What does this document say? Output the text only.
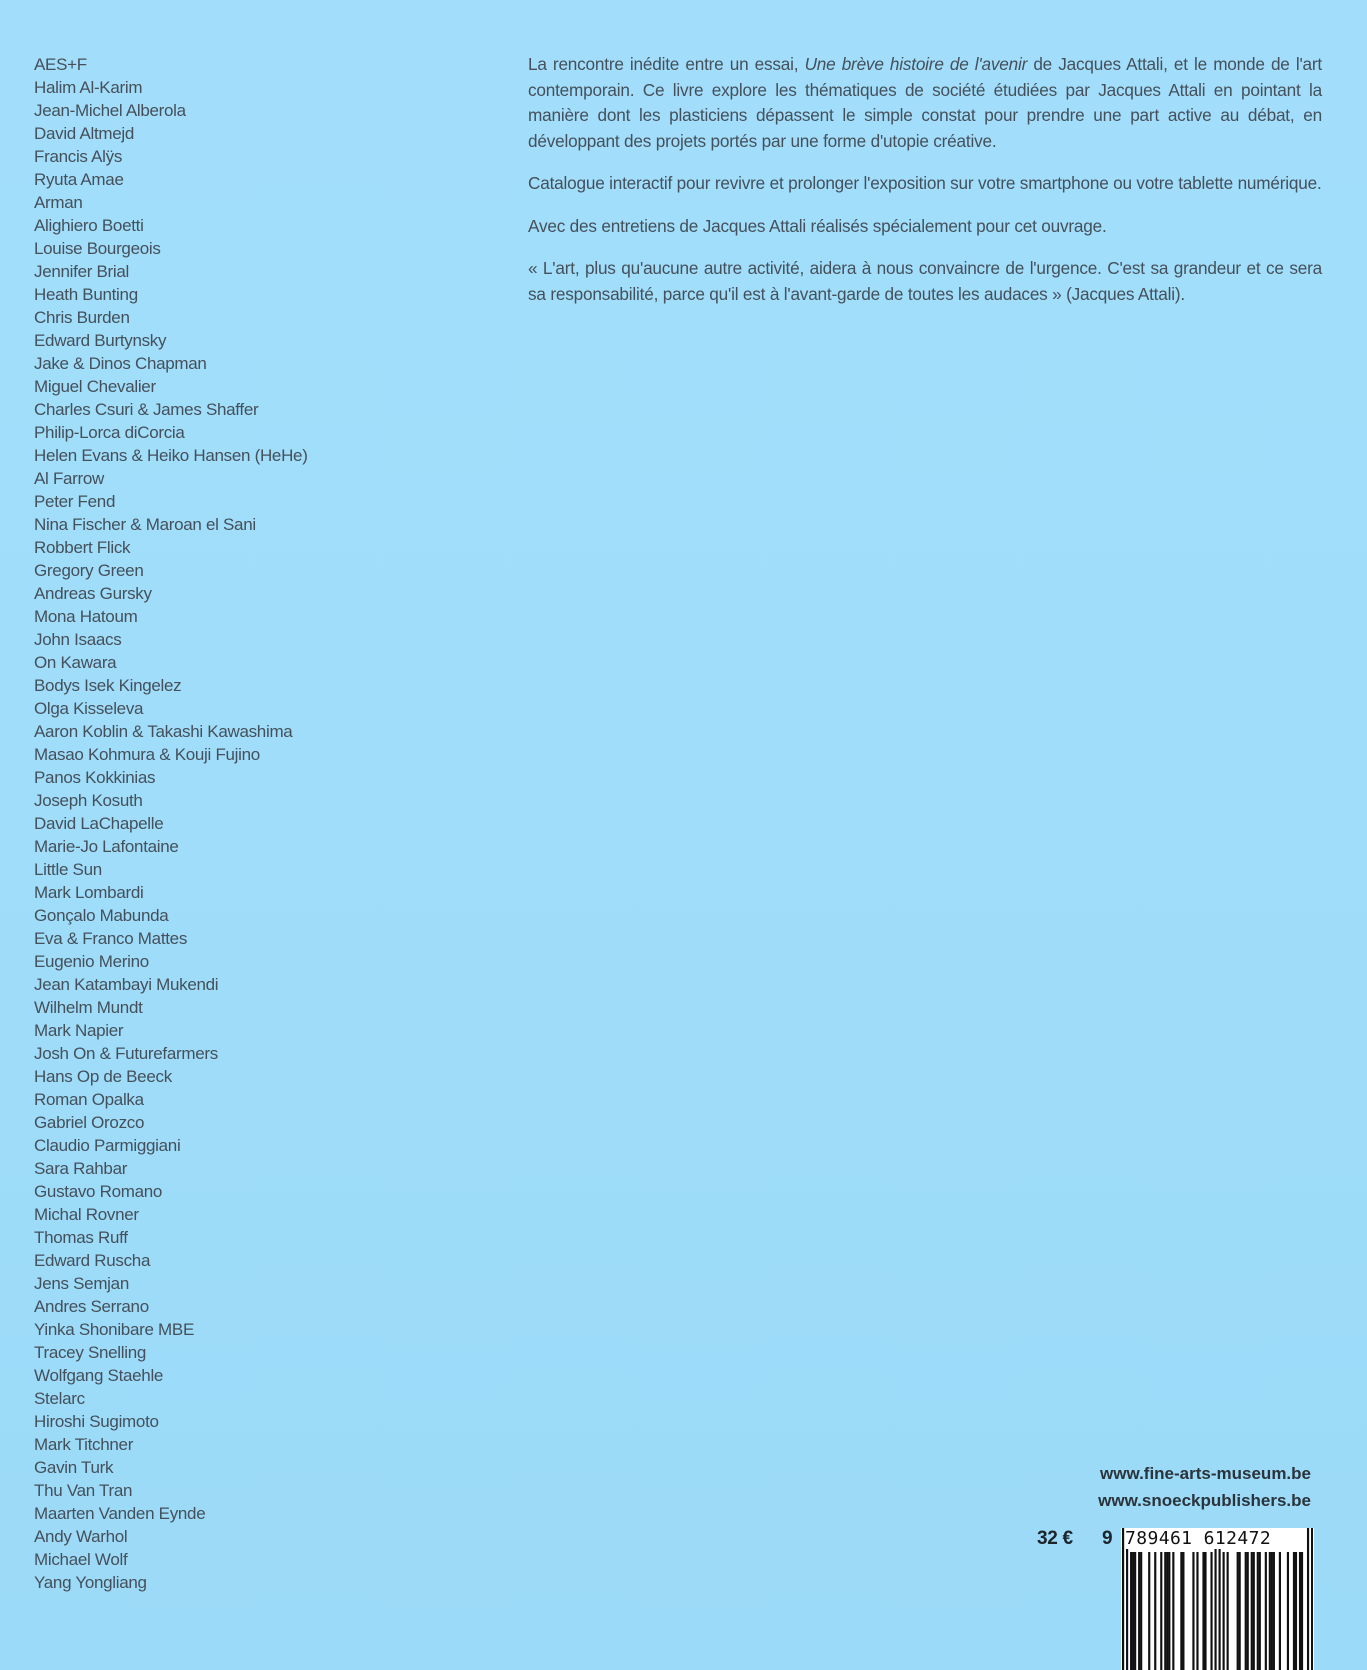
AES+F
Halim Al-Karim
Jean-Michel Alberola
David Altmejd
Francis Alÿs
Ryuta Amae
Arman
Alighiero Boetti
Louise Bourgeois
Jennifer Brial
Heath Bunting
Chris Burden
Edward Burtynsky
Jake & Dinos Chapman
Miguel Chevalier
Charles Csuri & James Shaffer
Philip-Lorca diCorcia
Helen Evans & Heiko Hansen (HeHe)
Al Farrow
Peter Fend
Nina Fischer & Maroan el Sani
Robbert Flick
Gregory Green
Andreas Gursky
Mona Hatoum
John Isaacs
On Kawara
Bodys Isek Kingelez
Olga Kisseleva
Aaron Koblin & Takashi Kawashima
Masao Kohmura & Kouji Fujino
Panos Kokkinias
Joseph Kosuth
David LaChapelle
Marie-Jo Lafontaine
Little Sun
Mark Lombardi
Gonçalo Mabunda
Eva & Franco Mattes
Eugenio Merino
Jean Katambayi Mukendi
Wilhelm Mundt
Mark Napier
Josh On & Futurefarmers
Hans Op de Beeck
Roman Opalka
Gabriel Orozco
Claudio Parmiggiani
Sara Rahbar
Gustavo Romano
Michal Rovner
Thomas Ruff
Edward Ruscha
Jens Semjan
Andres Serrano
Yinka Shonibare MBE
Tracey Snelling
Wolfgang Staehle
Stelarc
Hiroshi Sugimoto
Mark Titchner
Gavin Turk
Thu Van Tran
Maarten Vanden Eynde
Andy Warhol
Michael Wolf
Yang Yongliang

La rencontre inédite entre un essai, Une brève histoire de l'avenir de Jacques Attali, et le monde de l'art contemporain. Ce livre explore les thématiques de société étudiées par Jacques Attali en pointant la manière dont les plasticiens dépassent le simple constat pour prendre une part active au débat, en développant des projets portés par une forme d'utopie créative.

Catalogue interactif pour revivre et prolonger l'exposition sur votre smartphone ou votre tablette numérique.

Avec des entretiens de Jacques Attali réalisés spécialement pour cet ouvrage.

« L'art, plus qu'aucune autre activité, aidera à nous convaincre de l'urgence. C'est sa grandeur et ce sera sa responsabilité, parce qu'il est à l'avant-garde de toutes les audaces » (Jacques Attali).

www.fine-arts-museum.be
www.snoeckpublishers.be
32 € 9 789461 612472
